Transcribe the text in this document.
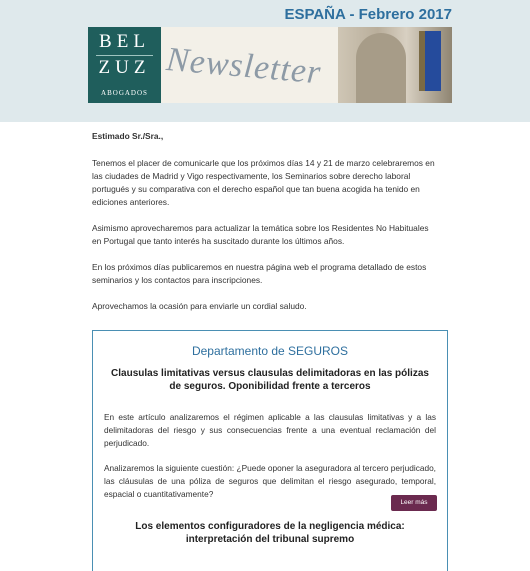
ESPAÑA - Febrero 2017
BEL
ZUZ
ABOGADOS
Newsletter

Estimado Sr./Sra.,

Tenemos el placer de comunicarle que los próximos días 14 y 21 de marzo celebraremos en las ciudades de Madrid y Vigo respectivamente, los Seminarios sobre derecho laboral portugués y su comparativa con el derecho español que tan buena acogida ha tenido en ediciones anteriores.

Asimismo aprovecharemos para actualizar la temática sobre los Residentes No Habituales en Portugal que tanto interés ha suscitado durante los últimos años.

En los próximos días publicaremos en nuestra página web el programa detallado de estos seminarios y los contactos para inscripciones.

Aprovechamos la ocasión para enviarle un cordial saludo.

Departamento de SEGUROS
Clausulas limitativas versus clausulas delimitadoras en las pólizas de seguros. Oponibilidad frente a terceros

En este artículo analizaremos el régimen aplicable a las clausulas limitativas y a las delimitadoras del riesgo y sus consecuencias frente a una eventual reclamación del perjudicado.

Analizaremos la siguiente cuestión: ¿Puede oponer la aseguradora al tercero perjudicado, las cláusulas de una póliza de seguros que delimitan el riesgo asegurado, temporal, espacial o cuantitativamente?

Leer más
Los elementos configuradores de la negligencia médica: interpretación del tribunal supremo
